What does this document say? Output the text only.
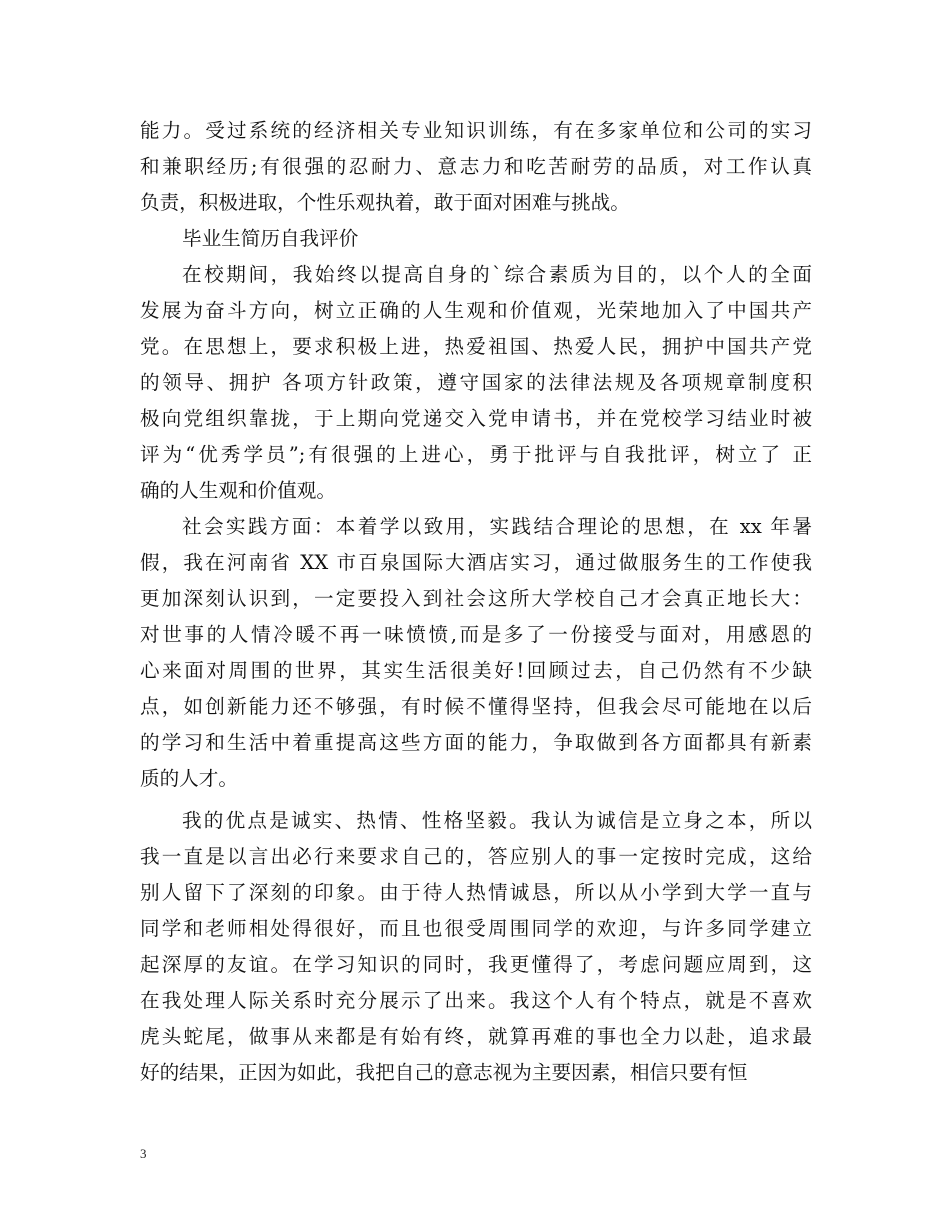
能力。受过系统的经济相关专业知识训练，有在多家单位和公司的实习
和兼职经历;有很强的忍耐力、意志力和吃苦耐劳的品质，对工作认真
负责，积极进取，个性乐观执着，敢于面对困难与挑战。
毕业生简历自我评价
在校期间，我始终以提高自身的`综合素质为目的，以个人的全面
发展为奋斗方向，树立正确的人生观和价值观，光荣地加入了中国共产
党。在思想上，要求积极上进，热爱祖国、热爱人民，拥护中国共产党
的领导、拥护 各项方针政策，遵守国家的法律法规及各项规章制度积
极向党组织靠拢，于上期向党递交入党申请书，并在党校学习结业时被
评为“优秀学员”;有很强的上进心，勇于批评与自我批评，树立了 正
确的人生观和价值观。
社会实践方面：本着学以致用，实践结合理论的思想，在 xx 年暑
假，我在河南省 XX 市百泉国际大酒店实习，通过做服务生的工作使我
更加深刻认识到，一定要投入到社会这所大学校自己才会真正地长大：
对世事的人情冷暖不再一味愤愤,而是多了一份接受与面对，用感恩的
心来面对周围的世界，其实生活很美好!回顾过去，自己仍然有不少缺
点，如创新能力还不够强，有时候不懂得坚持，但我会尽可能地在以后
的学习和生活中着重提高这些方面的能力，争取做到各方面都具有新素
质的人才。
我的优点是诚实、热情、性格坚毅。我认为诚信是立身之本，所以
我一直是以言出必行来要求自己的，答应别人的事一定按时完成，这给
别人留下了深刻的印象。由于待人热情诚恳，所以从小学到大学一直与
同学和老师相处得很好，而且也很受周围同学的欢迎，与许多同学建立
起深厚的友谊。在学习知识的同时，我更懂得了，考虑问题应周到，这
在我处理人际关系时充分展示了出来。我这个人有个特点，就是不喜欢
虎头蛇尾，做事从来都是有始有终，就算再难的事也全力以赴，追求最
好的结果，正因为如此，我把自己的意志视为主要因素，相信只要有恒
3
